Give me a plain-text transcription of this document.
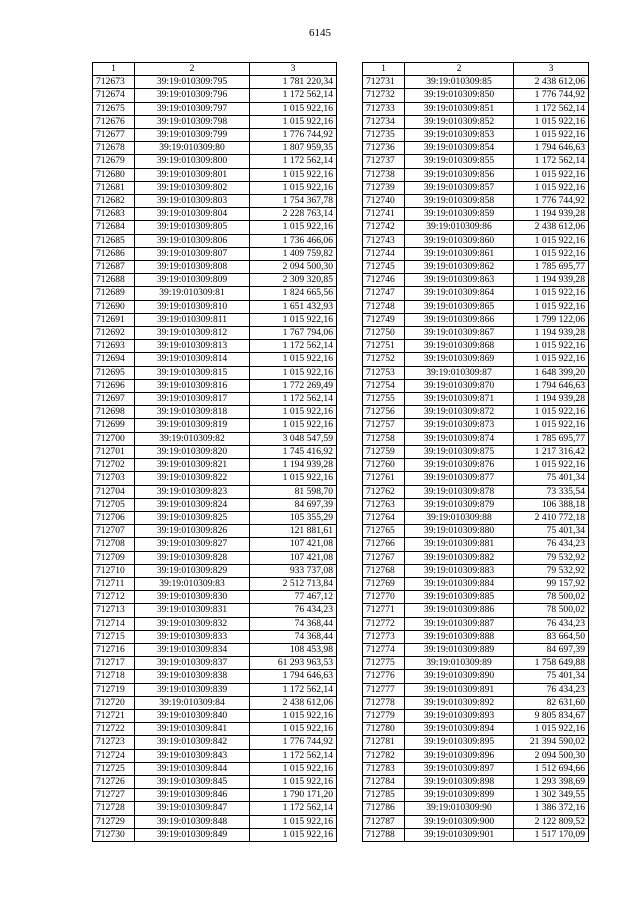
6145
1	2	3
712673	39:19:010309:795	1 781 220,34
712674	39:19:010309:796	1 172 562,14
712675	39:19:010309:797	1 015 922,16
712676	39:19:010309:798	1 015 922,16
712677	39:19:010309:799	1 776 744,92
712678	39:19:010309:80	1 807 959,35
712679	39:19:010309:800	1 172 562,14
712680	39:19:010309:801	1 015 922,16
712681	39:19:010309:802	1 015 922,16
712682	39:19:010309:803	1 754 367,78
712683	39:19:010309:804	2 228 763,14
712684	39:19:010309:805	1 015 922,16
712685	39:19:010309:806	1 736 466,06
712686	39:19:010309:807	1 409 759,82
712687	39:19:010309:808	2 094 500,30
712688	39:19:010309:809	2 309 320,85
712689	39:19:010309:81	1 824 665,56
712690	39:19:010309:810	1 651 432,93
712691	39:19:010309:811	1 015 922,16
712692	39:19:010309:812	1 767 794,06
712693	39:19:010309:813	1 172 562,14
712694	39:19:010309:814	1 015 922,16
712695	39:19:010309:815	1 015 922,16
712696	39:19:010309:816	1 772 269,49
712697	39:19:010309:817	1 172 562,14
712698	39:19:010309:818	1 015 922,16
712699	39:19:010309:819	1 015 922,16
712700	39:19:010309:82	3 048 547,59
712701	39:19:010309:820	1 745 416,92
712702	39:19:010309:821	1 194 939,28
712703	39:19:010309:822	1 015 922,16
712704	39:19:010309:823	81 598,70
712705	39:19:010309:824	84 697,39
712706	39:19:010309:825	105 355,29
712707	39:19:010309:826	121 881,61
712708	39:19:010309:827	107 421,08
712709	39:19:010309:828	107 421,08
712710	39:19:010309:829	933 737,08
712711	39:19:010309:83	2 512 713,84
712712	39:19:010309:830	77 467,12
712713	39:19:010309:831	76 434,23
712714	39:19:010309:832	74 368,44
712715	39:19:010309:833	74 368,44
712716	39:19:010309:834	108 453,98
712717	39:19:010309:837	61 293 963,53
712718	39:19:010309:838	1 794 646,63
712719	39:19:010309:839	1 172 562,14
712720	39:19:010309:84	2 438 612,06
712721	39:19:010309:840	1 015 922,16
712722	39:19:010309:841	1 015 922,16
712723	39:19:010309:842	1 776 744,92
712724	39:19:010309:843	1 172 562,14
712725	39:19:010309:844	1 015 922,16
712726	39:19:010309:845	1 015 922,16
712727	39:19:010309:846	1 790 171,20
712728	39:19:010309:847	1 172 562,14
712729	39:19:010309:848	1 015 922,16
712730	39:19:010309:849	1 015 922,16
1	2	3
712731	39:19:010309:85	2 438 612,06
712732	39:19:010309:850	1 776 744,92
712733	39:19:010309:851	1 172 562,14
712734	39:19:010309:852	1 015 922,16
712735	39:19:010309:853	1 015 922,16
712736	39:19:010309:854	1 794 646,63
712737	39:19:010309:855	1 172 562,14
712738	39:19:010309:856	1 015 922,16
712739	39:19:010309:857	1 015 922,16
712740	39:19:010309:858	1 776 744,92
712741	39:19:010309:859	1 194 939,28
712742	39:19:010309:86	2 438 612,06
712743	39:19:010309:860	1 015 922,16
712744	39:19:010309:861	1 015 922,16
712745	39:19:010309:862	1 785 695,77
712746	39:19:010309:863	1 194 939,28
712747	39:19:010309:864	1 015 922,16
712748	39:19:010309:865	1 015 922,16
712749	39:19:010309:866	1 799 122,06
712750	39:19:010309:867	1 194 939,28
712751	39:19:010309:868	1 015 922,16
712752	39:19:010309:869	1 015 922,16
712753	39:19:010309:87	1 648 399,20
712754	39:19:010309:870	1 794 646,63
712755	39:19:010309:871	1 194 939,28
712756	39:19:010309:872	1 015 922,16
712757	39:19:010309:873	1 015 922,16
712758	39:19:010309:874	1 785 695,77
712759	39:19:010309:875	1 217 316,42
712760	39:19:010309:876	1 015 922,16
712761	39:19:010309:877	75 401,34
712762	39:19:010309:878	73 335,54
712763	39:19:010309:879	106 388,18
712764	39:19:010309:88	2 410 772,18
712765	39:19:010309:880	75 401,34
712766	39:19:010309:881	76 434,23
712767	39:19:010309:882	79 532,92
712768	39:19:010309:883	79 532,92
712769	39:19:010309:884	99 157,92
712770	39:19:010309:885	78 500,02
712771	39:19:010309:886	78 500,02
712772	39:19:010309:887	76 434,23
712773	39:19:010309:888	83 664,50
712774	39:19:010309:889	84 697,39
712775	39:19:010309:89	1 758 649,88
712776	39:19:010309:890	75 401,34
712777	39:19:010309:891	76 434,23
712778	39:19:010309:892	82 631,60
712779	39:19:010309:893	9 805 834,67
712780	39:19:010309:894	1 015 922,16
712781	39:19:010309:895	21 394 590,02
712782	39:19:010309:896	2 094 500,30
712783	39:19:010309:897	1 512 694,66
712784	39:19:010309:898	1 293 398,69
712785	39:19:010309:899	1 302 349,55
712786	39:19:010309:90	1 386 372,16
712787	39:19:010309:900	2 122 809,52
712788	39:19:010309:901	1 517 170,09
